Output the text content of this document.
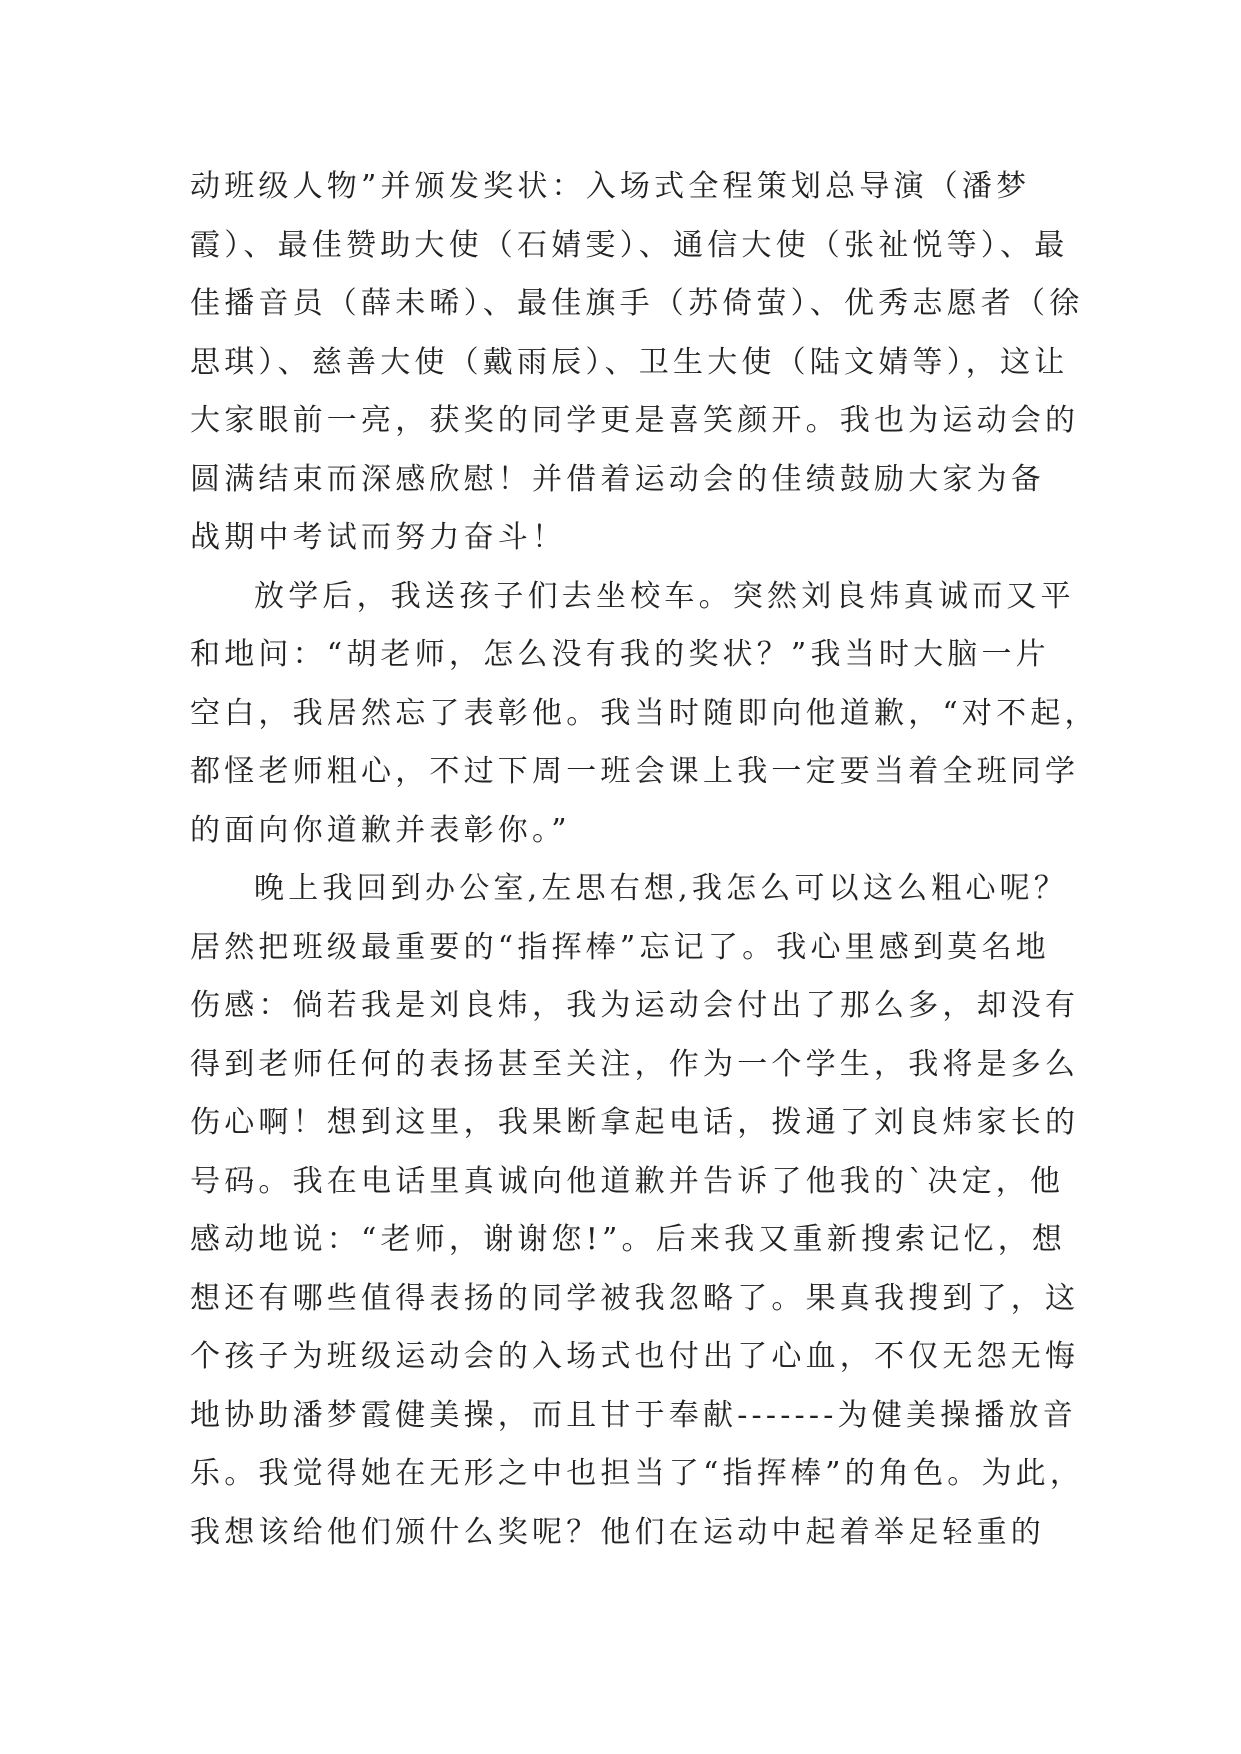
动班级人物”并颁发奖状：入场式全程策划总导演（潘梦
霞）、最佳赞助大使（石婧雯）、通信大使（张祉悦等）、最
佳播音员（薛未晞）、最佳旗手（苏倚萤）、优秀志愿者（徐
思琪）、慈善大使（戴雨辰）、卫生大使（陆文婧等），这让
大家眼前一亮，获奖的同学更是喜笑颜开。我也为运动会的
圆满结束而深感欣慰！并借着运动会的佳绩鼓励大家为备
战期中考试而努力奋斗！
放学后，我送孩子们去坐校车。突然刘良炜真诚而又平
和地问：“胡老师，怎么没有我的奖状？”我当时大脑一片
空白，我居然忘了表彰他。我当时随即向他道歉，“对不起，
都怪老师粗心，不过下周一班会课上我一定要当着全班同学
的面向你道歉并表彰你。”
晚上我回到办公室,左思右想,我怎么可以这么粗心呢？
居然把班级最重要的“指挥棒”忘记了。我心里感到莫名地
伤感：倘若我是刘良炜，我为运动会付出了那么多，却没有
得到老师任何的表扬甚至关注，作为一个学生，我将是多么
伤心啊！想到这里，我果断拿起电话，拨通了刘良炜家长的
号码。我在电话里真诚向他道歉并告诉了他我的`决定，他
感动地说：“老师，谢谢您!”。后来我又重新搜索记忆，想
想还有哪些值得表扬的同学被我忽略了。果真我搜到了，这
个孩子为班级运动会的入场式也付出了心血，不仅无怨无悔
地协助潘梦霞健美操，而且甘于奉献-------为健美操播放音
乐。我觉得她在无形之中也担当了“指挥棒”的角色。为此，
我想该给他们颁什么奖呢？他们在运动中起着举足轻重的
